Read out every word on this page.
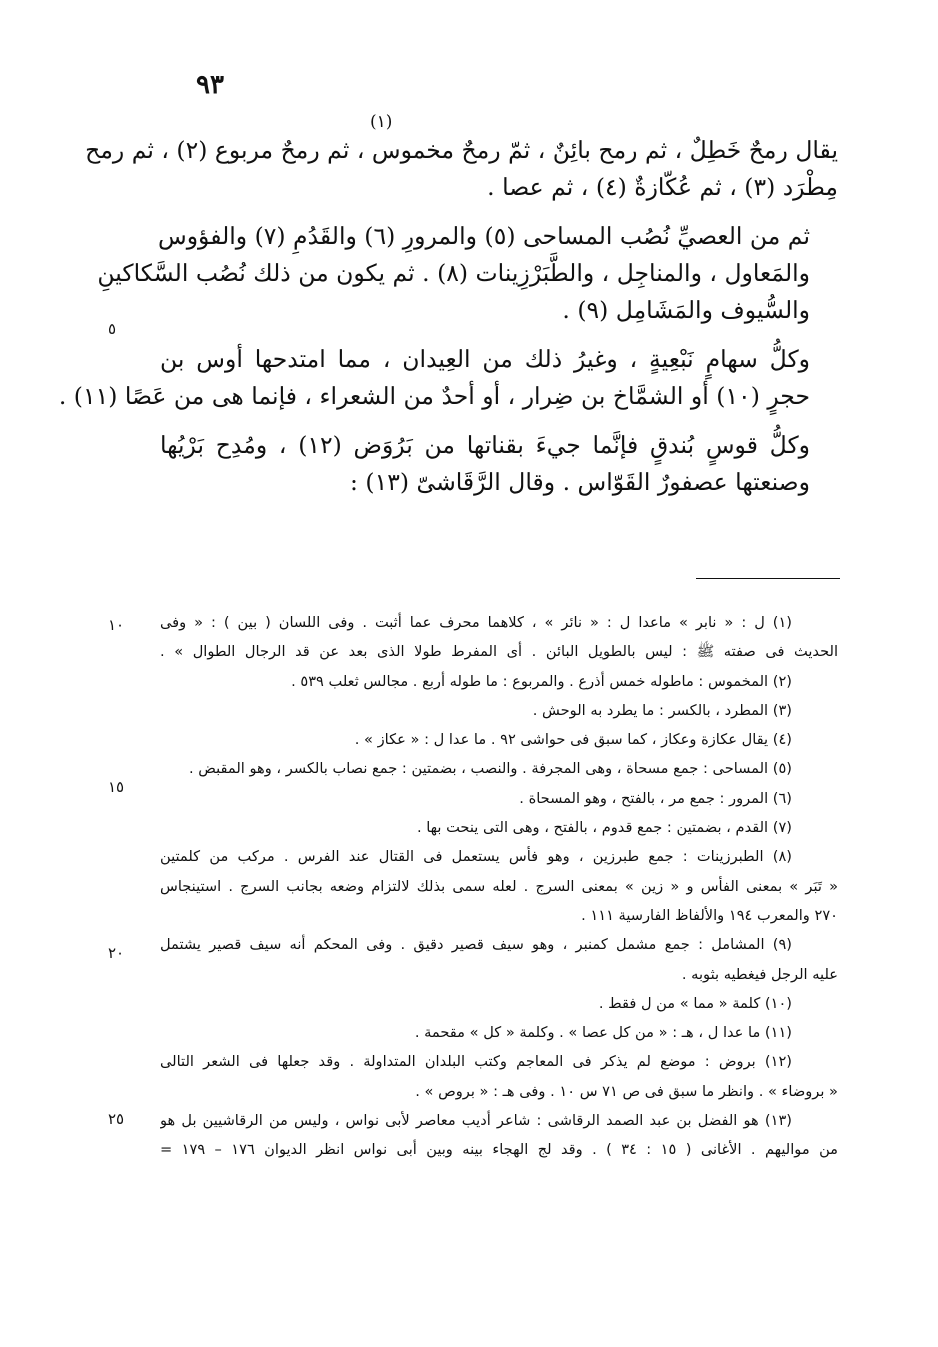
٩٣

(١)
يقال رمحٌ خَطِلٌ ، ثم رمح بائِنٌ ، ثمّ رمحٌ مخموس ، ثم رمحٌ مربوع (٢) ، ثم رمح
مِطْرَد (٣) ، ثم عُكّازةٌ (٤) ، ثم عصا .

ثم من العصيِّ نُصُب المساحى (٥) والمرورِ (٦) والقَدُمِ (٧) والفؤوس
والمَعاول ، والمناجِل ، والطَّبَرْزِينات (٨) . ثم يكون من ذلك نُصُب السَّكاكينِ
والسُّيوف والمَشَامِل (٩) .

وكلُّ سهامٍ نَبْعِيةٍ ، وغيرُ ذلك من العِيدان ، مما امتدحها أوس بن
حجرٍ (١٠) أو الشمَّاخ بن ضِرار ، أو أحدٌ من الشعراء ، فإنما هى من عَصًا (١١) .

وكلُّ قوسٍ بُندقٍ فإنَّما جيءَ بقناتها من بَرُوَض (١٢) ، ومُدِح بَرْيُها
وصنعتها عصفورٌ القَوّاس . وقال الرَّقَاشىّ (١٣) :

(١) ل : « نابر » ماعدا ل : « نائر » ، كلاهما محرف عما أثبت . وفى اللسان ( بين ) : « وفى
الحديث فى صفته ﷺ : ليس بالطويل البائن . أى المفرط طولا الذى بعد عن قد الرجال الطوال » .
(٢) المخموس : ماطوله خمس أذرع . والمربوع : ما طوله أربع . مجالس ثعلب ٥٣٩ .
(٣) المطرد ، بالكسر : ما يطرد به الوحش .
(٤) يقال عكازة وعكاز ، كما سبق فى حواشى ٩٢ . ما عدا ل : « عكاز » .
(٥) المساحى : جمع مسحاة ، وهى المجرفة . والنصب ، بضمتين : جمع نصاب بالكسر ، وهو المقبض .
(٦) المرور : جمع مر ، بالفتح ، وهو المسحاة .
(٧) القدم ، بضمتين : جمع قدوم ، بالفتح ، وهى التى ينحت بها .
(٨) الطبرزينات : جمع طبرزين ، وهو فأس يستعمل فى القتال عند الفرس . مركب من كلمتين
« تَبَر » بمعنى الفأس و « زين » بمعنى السرج . لعله سمى بذلك لالتزام وضعه بجانب السرج . استينجاس
٢٧٠ والمعرب ١٩٤ والألفاظ الفارسية ١١١ .
(٩) المشامل : جمع مشمل كمنبر ، وهو سيف قصير دقيق . وفى المحكم أنه سيف قصير يشتمل
عليه الرجل فيغطيه بثوبه .
(١٠) كلمة « مما » من ل فقط .
(١١) ما عدا ل ، هـ : « من كل عصا » . وكلمة « كل » مقحمة .
(١٢) بروض : موضع لم يذكر فى المعاجم وكتب البلدان المتداولة . وقد جعلها فى الشعر التالى
« بروضاء » . وانظر ما سبق فى ص ٧١ س ١٠ . وفى هـ : « بروص » .
(١٣) هو الفضل بن عبد الصمد الرقاشى : شاعر أديب معاصر لأبى نواس ، وليس من الرقاشيين بل هو
من مواليهم . الأغانى ( ١٥ : ٣٤ ) . وقد لج الهجاء بينه وبين أبى نواس انظر الديوان ١٧٦ – ١٧٩ =
٥
١٠
١٥
٢٠
٢٥
